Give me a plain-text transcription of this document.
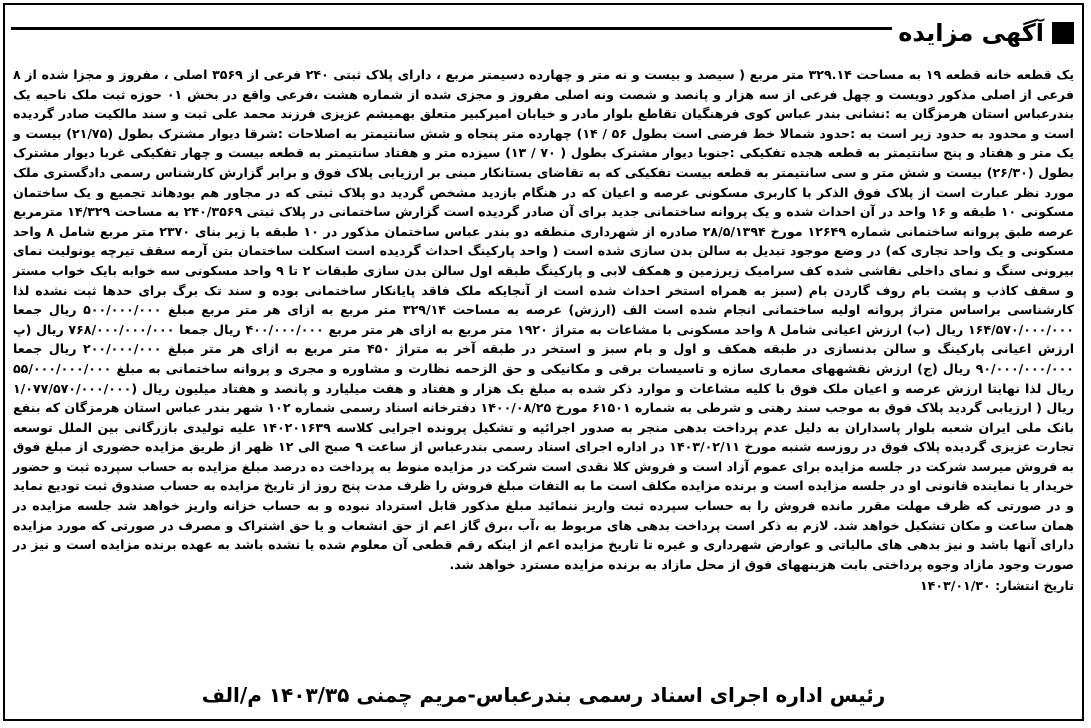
آگهی مزایده

یک قطعه خانه قطعه ۱۹ به مساحت ۳۲۹.۱۴ متر مربع ( سیصد و بیست و نه متر و چهارده دسیمتر مربع ، دارای پلاک ثبتی ۲۴۰ فرعی از ۳۵۶۹ اصلی ، مفروز و مجزا شده از ۸ فرعی از اصلی مذکور دویست و چهل فرعی از سه هزار و پانصد و شصت ونه اصلی مفروز و مجزی شده از شماره هشت ،فرعی واقع در بخش ۰۱ حوزه ثبت ملک ناحیه یک بندرعباس استان هرمزگان به :نشانی بندر عباس کوی فرهنگیان تقاطع بلوار مادر و خیابان امیرکبیر متعلق بهمیشم عزیزی فرزند محمد علی ثبت و سند مالکیت صادر گردیده است و محدود به حدود زیر است به :حدود شمالا خط فرضی است بطول ۵۶ / ۱۴) چهارده متر پنجاه و شش سانتیمتر به اصلاحات :شرقا دیوار مشترک بطول (۲۱/۷۵) بیست و یک متر و هفتاد و پنج سانتیمتر به قطعه هجده تفکیکی :جنوبا دیوار مشترک بطول ( ۷۰ / ۱۳) سیزده متر و هفتاد سانتیمتر به قطعه بیست و چهار تفکیکی غربا دیوار مشترک بطول (۲۶/۳۰) بیست و شش متر و سی سانتیمتر به قطعه بیست تفکیکی که به تقاضای بستانکار مبنی بر ارزیابی پلاک فوق و برابر گزارش کارشناس رسمی دادگستری ملک مورد نظر عبارت است از پلاک فوق الذکر با کاربری مسکونی عرصه و اعیان که در هنگام بازدید مشخص گردید دو پلاک ثبتی که در مجاور هم بودهاند تجمیع و یک ساختمان مسکونی ۱۰ طبقه و ۱۶ واحد در آن احداث شده و یک پروانه ساختمانی جدید برای آن صادر گردیده است گزارش ساختمانی در پلاک ثبتی ۲۴۰/۳۵۶۹ به مساحت ۱۴/۳۲۹ مترمربع عرصه طبق پروانه ساختمانی شماره ۱۲۶۴۹ مورخ ۲۸/۵/۱۳۹۴ صادره از شهرداری منطقه دو بندر عباس ساختمان مذکور در ۱۰ طبقه با زیر بنای ۲۳۷۰ متر مربع شامل ۸ واحد مسکونی و یک واحد تجاری که) در وضع موجود تبدیل به سالن بدن سازی شده است ( واحد پارکینگ احداث گردیده است اسکلت ساختمان بتن آرمه سقف تیرچه یونولیت نمای بیرونی سنگ و نمای داخلی نقاشی شده کف سرامیک زیرزمین و همکف لابی و پارکینگ طبقه اول سالن بدن سازی طبقات ۲ تا ۹ واحد مسکونی سه خوابه بایک خواب مستر و سقف کاذب و پشت بام روف گاردن بام (سبز به همراه استخر احداث شده است از آنجایکه ملک فاقد پایانکار ساختمانی بوده و سند تک برگ برای حدها ثبت نشده لذا کارشناسی براساس متراژ پروانه اولیه ساختمانی انجام شده است الف (ارزش) عرصه به مساحت ۳۲۹/۱۴ متر مربع به ازای هر متر مربع مبلغ ۵۰۰/۰۰۰/۰۰۰ ریال جمعا ۱۶۴/۵۷۰/۰۰۰/۰۰۰ ریال (ب) ارزش اعیانی شامل ۸ واحد مسکونی با مشاعات به متراژ ۱۹۲۰ متر مربع به ازای هر متر مربع ۴۰۰/۰۰۰/۰۰۰ ریال جمعا ۷۶۸/۰۰۰/۰۰۰/۰۰۰ ریال (پ ارزش اعیانی پارکینگ و سالن بدنسازی در طبقه همکف و اول و بام سبز و استخر در طبقه آخر به متراژ ۴۵۰ متر مربع به ازای هر متر مبلغ ۲۰۰/۰۰۰/۰۰۰ ریال جمعا ۹۰/۰۰۰/۰۰۰/۰۰۰ ریال (ج) ارزش نقشههای معماری سازه و تاسیسات برقی و مکانیکی و حق الزحمه نظارت و مشاوره و مجری و پروانه ساختمانی به مبلغ ۵۵/۰۰۰/۰۰۰/۰۰۰ ریال لذا نهایتا ارزش عرصه و اعیان ملک فوق با کلیه مشاعات و موارد ذکر شده به مبلغ یک هزار و هفتاد و هفت میلیارد و پانصد و هفتاد میلیون ریال (۱/۰۷۷/۵۷۰/۰۰۰/۰۰۰ ریال ( ارزیابی گردید پلاک فوق به موجب سند رهنی و شرطی به شماره ۶۱۵۰۱ مورخ ۱۴۰۰/۰۸/۲۵ دفترخانه اسناد رسمی شماره ۱۰۲ شهر بندر عباس استان هرمزگان که بنفع بانک ملی ایران شعبه بلوار پاسداران به دلیل عدم پرداخت بدهی منجر به صدور اجرائیه و تشکیل پرونده اجرایی کلاسه ۱۴۰۲۰۱۶۳۹ علیه تولیدی بازرگانی بین الملل توسعه تجارت عزیزی گردیده پلاک فوق در روزسه شنبه مورخ ۱۴۰۳/۰۲/۱۱ در اداره اجرای اسناد رسمی بندرعباس از ساعت ۹ صبح الی ۱۲ ظهر از طریق مزایده حضوری از مبلغ فوق به فروش میرسد شرکت در جلسه مزایده برای عموم آزاد است و فروش کلا نقدی است شرکت در مزایده منوط به پرداخت ده درصد مبلغ مزایده به حساب سپرده ثبت و حضور خریدار یا نماینده قانونی او در جلسه مزایده است و برنده مزایده مکلف است ما به التفات مبلغ فروش را ظرف مدت پنج روز از تاریخ مزایده به حساب صندوق ثبت تودیع نماید و در صورتی که ظرف مهلت مقرر مانده فروش را به حساب سپرده ثبت واریز ننمائید مبلغ مذکور قابل استرداد نبوده و به حساب خزانه واریز خواهد شد جلسه مزایده در همان ساعت و مکان تشکیل خواهد شد. لازم به ذکر است پرداخت بدهی های مربوط به ،آب ،برق گاز اعم از حق انشعاب و یا حق اشتراک و مصرف در صورتی که مورد مزایده دارای آنها باشد و نیز بدهی های مالیاتی و عوارض شهرداری و غیره تا تاریخ مزایده اعم از اینکه رقم قطعی آن معلوم شده یا نشده باشد به عهده برنده مزایده است و نیز در صورت وجود مازاد وجوه پرداختی بابت هزینههای فوق از محل مازاد به برنده مزایده مسترد خواهد شد.

تاریخ انتشار: ۱۴۰۳/۰۱/۳۰
رئیس اداره اجرای اسناد رسمی بندرعباس-مریم چمنی ۱۴۰۳/۳۵ م/الف
